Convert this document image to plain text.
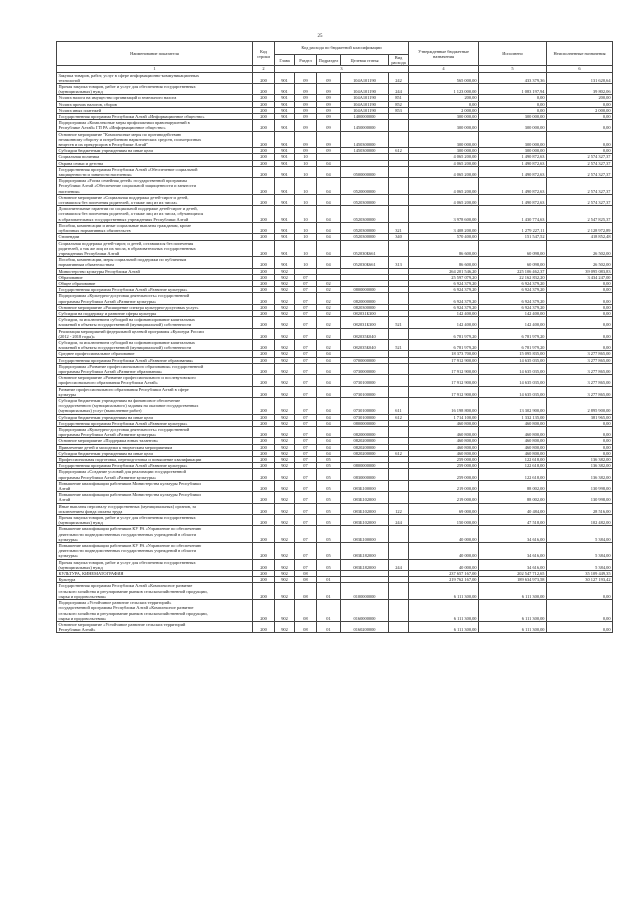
25
Наименование показателя	Код строки	Код расхода по бюджетной классификации					Утвержденные бюджетные назначения	Исполнено	Неисполненные назначения
		Глава	Раздел	Подраздел	Целевая статья	Вид расхода			
1	2	3					4	5	6

Закупка товаров, работ, услуг в сфере информационно-коммуникационных
технологий	200	901	09	09	104A101190	242	565 000,00	433 379,36	131 620,64

Прочая закупка товаров, работ и услуг для обеспечения государственных
(муниципальных) нужд	200	901	09	09	104A101190	244	1 123 000,00	1 083 197,94	39 802,06

Уплата налога на имущество организаций и земельного налога	200	901	09	09	104A101190	851	200,00	0,00	200,00

Уплата прочих налогов, сборов	200	901	09	09	104A101190	852	0,00	0,00	0,00

Уплата иных платежей	200	901	09	09	104A101190	853	2 000,00	0,00	2 000,00

Государственная программа Республики Алтай «Информационное общество»	200	901	09	09	1400000000		300 000,00	300 000,00	0,00

Подпрограмма «Комплексные меры профилактики правонарушений в
Республике Алтай» ГП РА «Информационное общество»	200	901	09	09	1450000000		300 000,00	300 000,00	0,00

Основное мероприятие "Комплексные меры по противодействию
незаконному обороту и потреблению наркотических средств, психотропных
веществ и их прекурсоров в Республике Алтай"	200	901	09	09	1450300000		300 000,00	300 000,00	0,00

Субсидии бюджетным учреждениям на иные цели	200	901	09	09	1450300000	612	300 000,00	300 000,00	0,00

Социальная политика	200	901	10				4 065 200,00	1 490 872,63	2 574 327,37

Охрана семьи и детства	200	901	10	04			4 065 200,00	1 490 872,63	2 574 327,37

Государственная программа Республики Алтай «Обеспечение социальной
защищенности и занятости населения»	200	901	10	04	0500000000		4 065 200,00	1 490 872,63	2 574 327,37

Подпрограмма «Forма семейная детей» государственной программы
Республики Алтай «Обеспечение социальной защищенности и занятости
населения»	200	901	10	04	0520000000		4 065 200,00	1 490 872,63	2 574 327,37

Основное мероприятие «Социальная поддержка детей-сирот и детей,
оставшихся без попечения родителей, а также лиц из их числа»	200	901	10	04	0520300000		4 065 200,00	1 490 872,63	2 574 327,37

Дополнительные гарантии по социальной поддержке детей-сирот и детей,
оставшихся без попечения родителей, а также лиц из их числа, обучающихся
в образовательных государственных учреждениях Республики Алтай	200	901	10	04	0520300000		3 978 600,00	1 430 774,63	2 547 825,37

Пособия, компенсации и иные социальные выплаты гражданам, кроме
публичных нормативных обязательств	200	901	10	04	0520300000	321	3 408 200,00	1 279 227,11	2 128 972,89

Стипендии	200	901	10	04	0520300000	340	570 400,00	151 547,52	418 852,48

Социальная поддержка детей-сирот, и детей, оставшихся без попечения
родителей, а так же лиц из их числа, в образовательных государственных
учреждениях Республики Алтай	200	901	10	04	052030Б661		86 600,00	60 098,00	26 502,00

Пособия, компенсации, меры социальной поддержки по публичным
нормативным обязательствам	200	901	10	04	052030Б661	313	86 600,00	60 098,00	26 502,00

Министерство культуры Республики Алтай	200	902					264 201 546,20	225 106 462,37	39 095 083,83

Образование	200	902	07				25 597 079,20	22 162 832,20	3 434 247,00

Общее образование	200	902	07	02			6 924 379,20	6 924 379,20	0,00

Государственная программа Республики Алтай «Развитие культуры»	200	902	07	02	0800000000		6 924 379,20	6 924 379,20	0,00

Подпрограмма «Культурно-досуговая деятельность» государственной
программы Республики Алтай «Развитие культуры»	200	902	07	02	0820000000		6 924 379,20	6 924 379,20	0,00

Основное мероприятие «Расширение спектра культурно-досуговых услуг»	200	902	07	02	0820300000		6 924 379,20	6 924 379,20	0,00

Субсидии на поддержку и развитие сферы культуры	200	902	07	02	082031Б300		142 400,00	142 400,00	0,00

Субсидии, за исключением субсидий на софинансирование капитальных
вложений в объекты государственной (муниципальной) собственности	200	902	07	02	082031Б300	521	142 400,00	142 400,00	0,00

Реализация мероприятий федеральной целевой программы «Культура России
(2012 - 2018 годы)»	200	902	07	02	082035Б040		6 781 979,20	6 781 979,20	0,00

Субсидии, за исключением субсидий на софинансирование капитальных
вложений в объекты государственной (муниципальной) собственности	200	902	07	02	082035Б040	521	6 781 979,20	6 781 979,20	0,00

Среднее профессиональное образование	200	902	07	04			18 373 700,00	15 095 835,00	3 277 865,00

Государственная программа Республики Алтай «Развитие образования»	200	902	07	04	0700000000		17 912 900,00	14 635 035,00	3 277 865,00

Подпрограмма «Развитие профессионального образования» государственной
программы Республики Алтай «Развитие образования»	200	902	07	04	0730000000		17 912 900,00	14 635 035,00	3 277 865,00

Основное мероприятие «Развитие профессионального и послевузовского
профессионального образования Республики Алтай»	200	902	07	04	0730100000		17 912 900,00	14 635 035,00	3 277 865,00

Развитие профессионального образования Республики Алтай в сфере
культуры	200	902	07	04	0730100000		17 912 900,00	14 635 035,00	3 277 865,00

Субсидии бюджетным учреждениям на финансовое обеспечение
государственного (муниципального) задания на оказание государственных
(муниципальных) услуг (выполнение работ)	200	902	07	04	0730100000	611	16 198 800,00	13 302 900,00	2 895 900,00

Субсидии бюджетным учреждениям на иные цели	200	902	07	04	0730100000	612	1 714 100,00	1 332 135,00	381 965,00

Государственная программа Республики Алтай «Развитие культуры»	200	902	07	04	0800000000		460 800,00	460 800,00	0,00

Подпрограмма «Культурно-досуговая деятельность» государственной
программы Республики Алтай «Развитие культуры»	200	902	07	04	0820000000		460 800,00	460 800,00	0,00

Основное мероприятие «Поддержка юных талантов»	200	902	07	04	0820200000		460 800,00	460 800,00	0,00

Привлечение детей и молодежи к творческим мероприятиям	200	902	07	04	0820200000		460 800,00	460 800,00	0,00

Субсидии бюджетным учреждениям на иные цели	200	902	07	04	0820200000	612	460 800,00	460 800,00	0,00

Профессиональная подготовка, переподготовка и повышение квалификации	200	902	07	05			259 000,00	122 618,00	136 382,00

Государственная программа Республики Алтай «Развитие культуры»	200	902	07	05	0800000000		259 000,00	122 618,00	136 382,00

Подпрограмма «Создание условий для реализации государственной
программы Республики Алтай «Развитие культуры»	200	902	07	05	0830000000		259 000,00	122 618,00	136 382,00

Повышение квалификации работников Министерства культуры Республики
Алтай	200	902	07	05	083Б100000		219 000,00	88 002,00	130 998,00

Повышение квалификации работников Министерства культуры Республики
Алтай	200	902	07	05	083Б102000		219 000,00	88 002,00	130 998,00

Иные выплаты персоналу государственных (муниципальных) органов, за
исключением фонда оплаты труда	200	902	07	05	083Б102000	122	69 000,00	40 484,00	28 516,00

Прочая закупка товаров, работ и услуг для обеспечения государственных
(муниципальных) нужд	200	902	07	05	083Б102000	244	150 000,00	47 518,00	102 482,00

Повышение квалификации работников КУ РА «Управление по обеспечению
деятельности подведомственных государственных учреждений в области
культуры»	200	902	07	05	083Б100000		40 000,00	34 616,00	5 384,00

Повышение квалификации работников КУ РА «Управление по обеспечению
деятельности подведомственных государственных учреждений в области
культуры»	200	902	07	05	083Б182000		40 000,00	34 616,00	5 384,00

Прочая закупка товаров, работ и услуг для обеспечения государственных
(муниципальных) нужд	200	902	07	05	083Б182000	244	40 000,00	34 616,00	5 384,00

КУЛЬТУРА, КИНЕМАТОГРАФИЯ	200	902	08				237 657 167,00	202 547 712,65	35 109 449,35

Культура	200	902	08	01			219 762 167,00	189 634 973,58	30 127 193,42

Государственная программа Республики Алтай «Комплексное развитие
сельского хозяйства и регулирование рынков сельскохозяйственной продукции,
сырья и продовольствия»	200	902	08	01	0100000000		6 111 300,00	6 111 300,00	0,00

Подпрограмма «Устойчивое развитие сельских территорий»
государственной программы Республики Алтай «Комплексное развитие
сельского хозяйства и регулирование рынков сельскохозяйственной продукции,
сырья и продовольствия»	200	902	08	01	0160000000		6 111 300,00	6 111 300,00	0,00

Основное мероприятие «Устойчивое развитие сельских территорий
Республики Алтай»	200	902	08	01	0160200000		6 111 300,00	6 111 300,00	0,00
